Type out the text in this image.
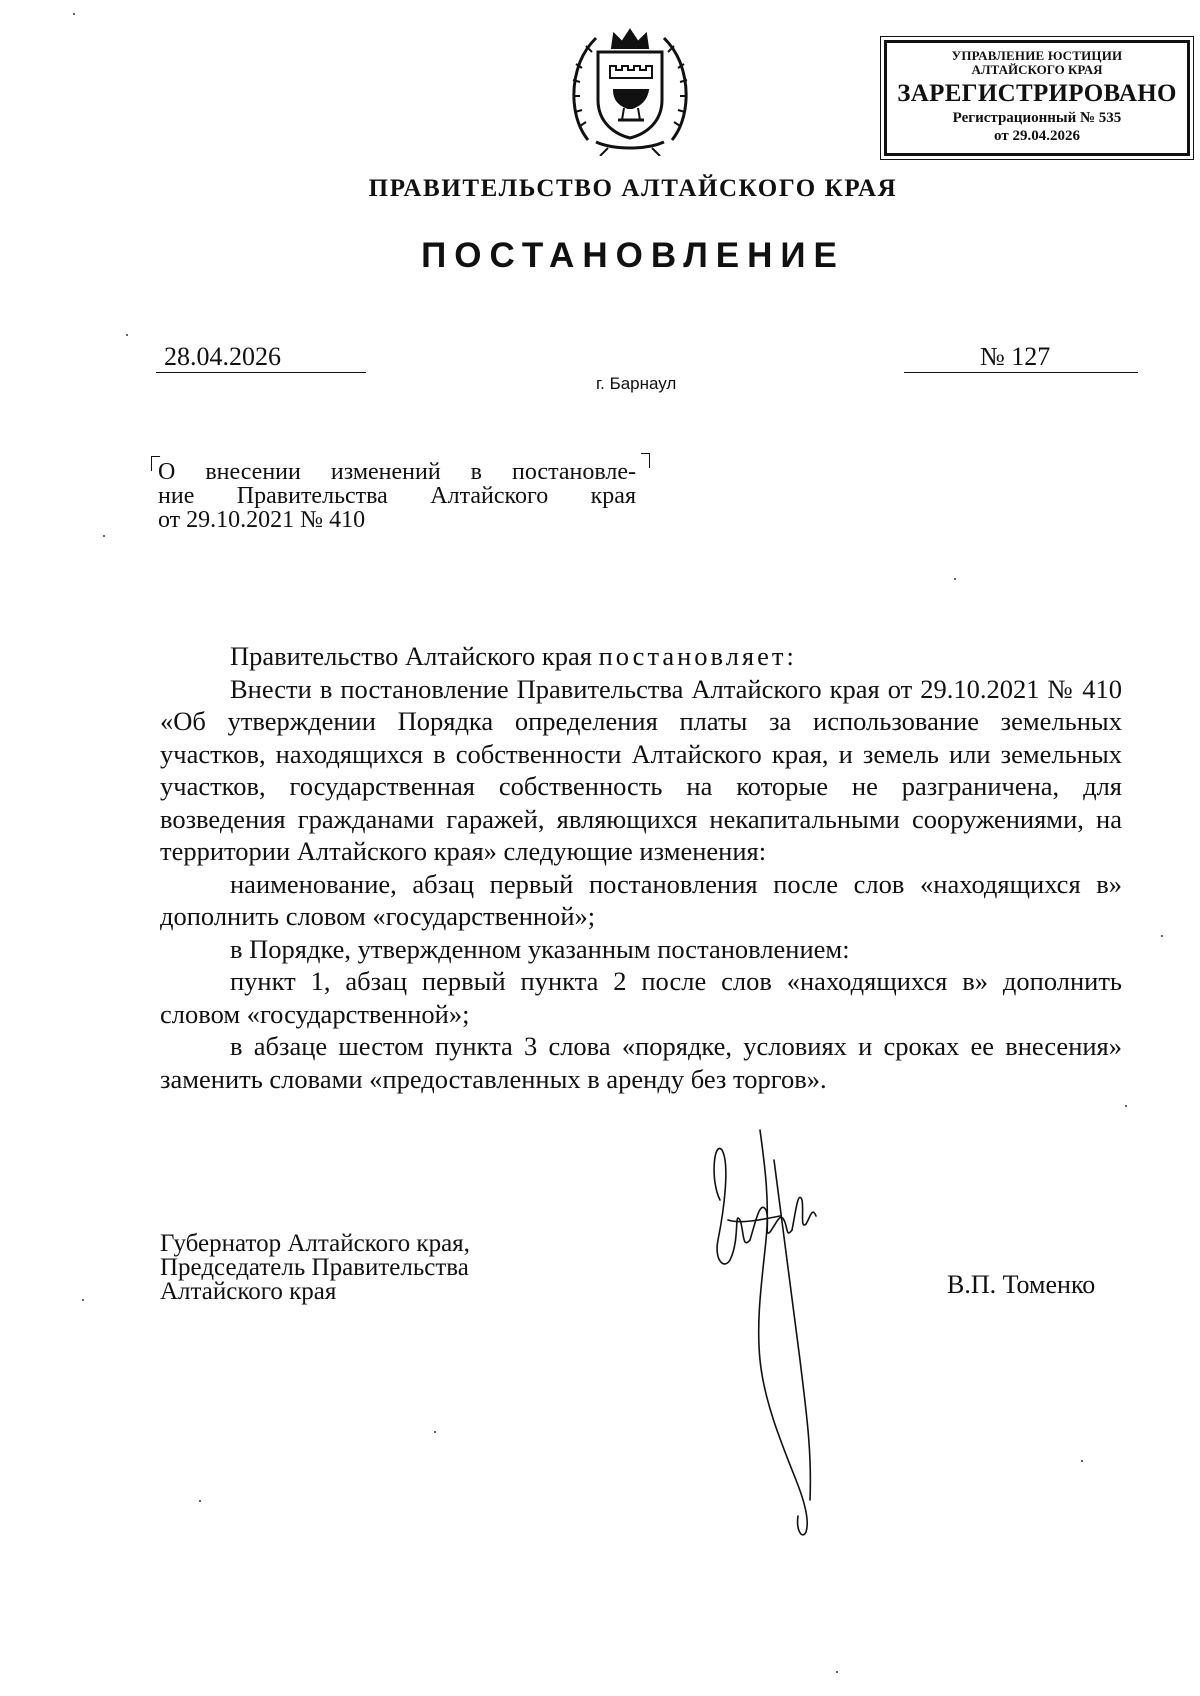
УПРАВЛЕНИЕ ЮСТИЦИИ
АЛТАЙСКОГО КРАЯ
ЗАРЕГИСТРИРОВАНО
Регистрационный № 535
от 29.04.2026
ПРАВИТЕЛЬСТВО АЛТАЙСКОГО КРАЯ
ПОСТАНОВЛЕНИЕ
28.04.2026	№ 127
г. Барнаул
О внесении изменений в постановле-
ние Правительства Алтайского края
от 29.10.2021 № 410

Правительство Алтайского края постановляет:

Внести в постановление Правительства Алтайского края от 29.10.2021 № 410 «Об утверждении Порядка определения платы за использование земельных участков, находящихся в собственности Алтайского края, и земель или земельных участков, государственная собственность на которые не разграничена, для возведения гражданами гаражей, являющихся некапитальными сооружениями, на территории Алтайского края» следующие изменения:

наименование, абзац первый постановления после слов «находящихся в» дополнить словом «государственной»;

в Порядке, утвержденном указанным постановлением:

пункт 1, абзац первый пункта 2 после слов «находящихся в» дополнить словом «государственной»;

в абзаце шестом пункта 3 слова «порядке, условиях и сроках ее внесения» заменить словами «предоставленных в аренду без торгов».

Губернатор Алтайского края,
Председатель Правительства
Алтайского края	В.П. Томенко
